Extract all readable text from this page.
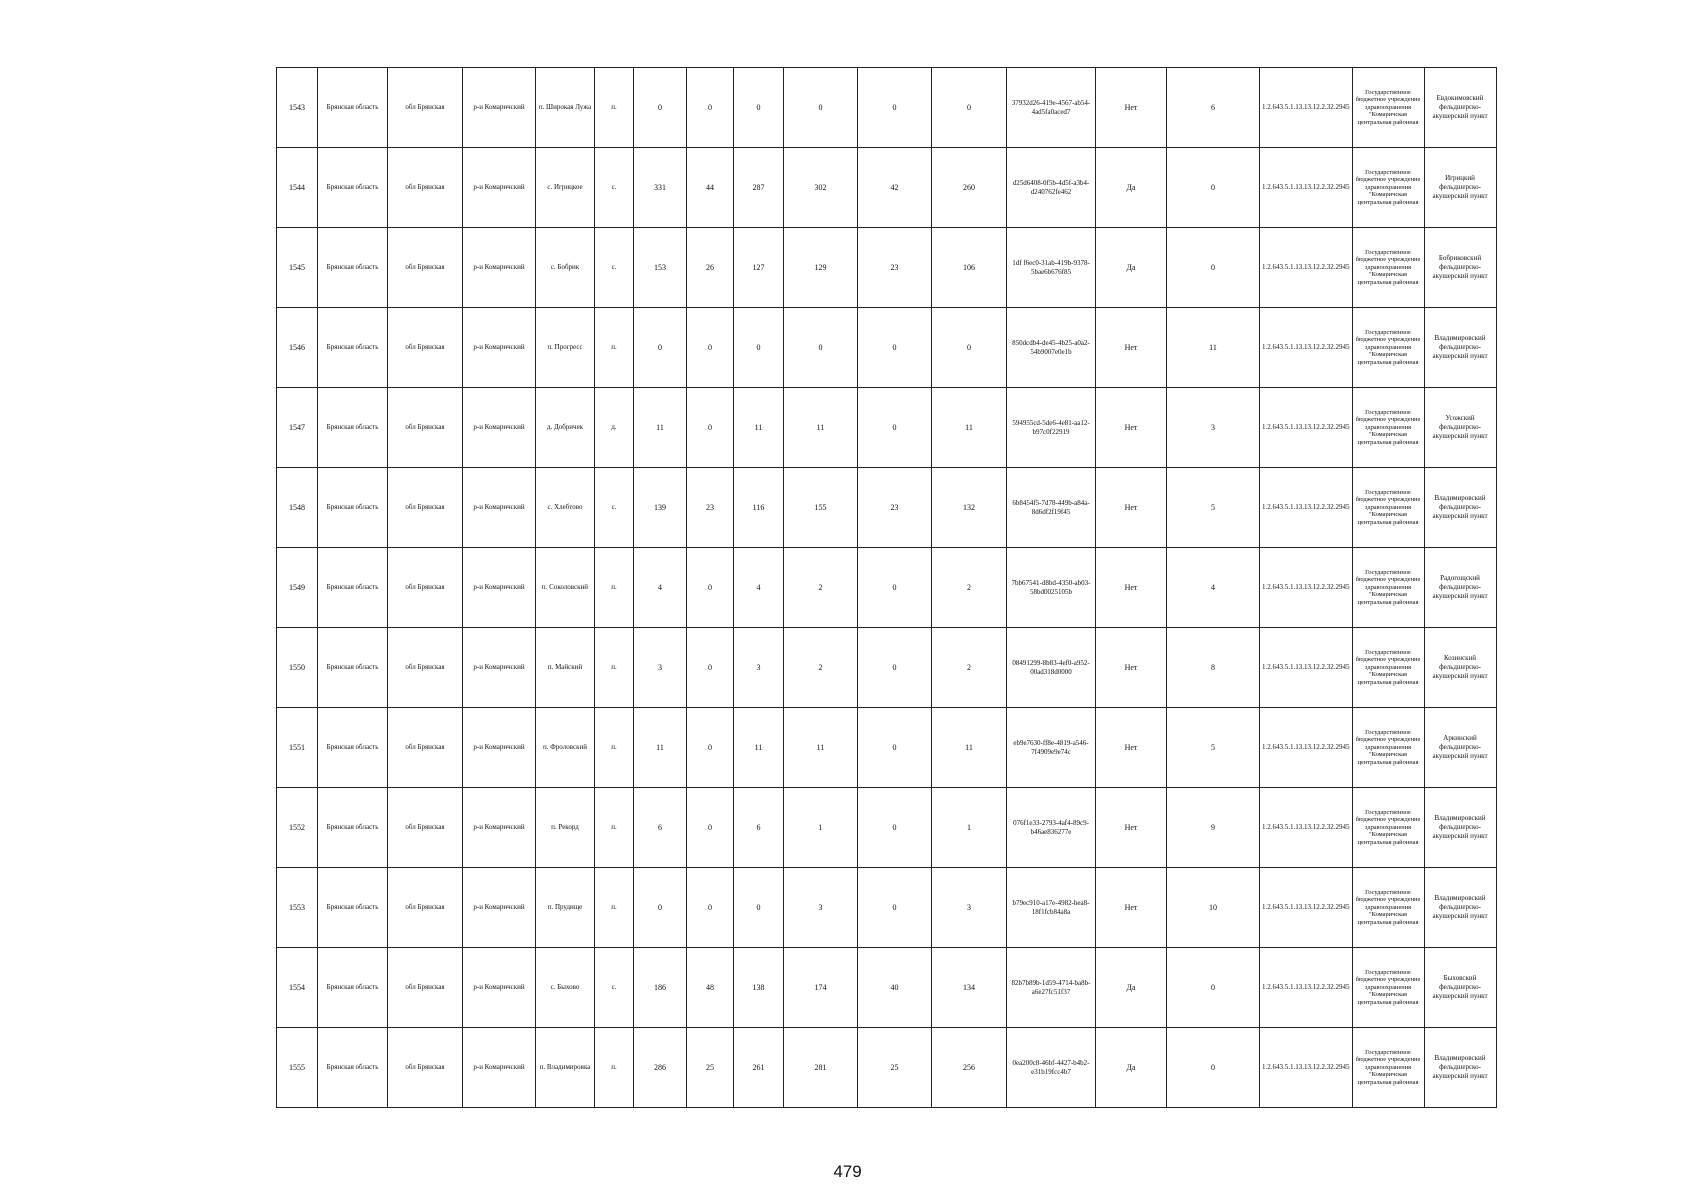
1543	Брянская область	обл Брянская	р-н Комаричский	п. Широкая Лужа	п.	0	0	0	0	0	0	37932d26-419e-4567-ab54-4ad5fa0aced7	Нет	6	1.2.643.5.1.13.13.12.2.32.2945	Государственное бюджетное учреждение здравоохранения "Комаричская центральная районная	Евдокимовский фельдшерско-акушерский пункт
1544	Брянская область	обл Брянская	р-н Комаричский	с. Игрицкое	с.	331	44	287	302	42	260	d25d6408-0f5b-4d5f-a3b4-d240762fe462	Да	0	1.2.643.5.1.13.13.12.2.32.2945	Государственное бюджетное учреждение здравоохранения "Комаричская центральная районная	Игрицкий фельдшерско-акушерский пункт
1545	Брянская область	обл Брянская	р-н Комаричский	с. Бобрик	с.	153	26	127	129	23	106	1df f6ec0-31ab-419b-9378-5bae6b676f85	Да	0	1.2.643.5.1.13.13.12.2.32.2945	Государственное бюджетное учреждение здравоохранения "Комаричская центральная районная	Бобриковский фельдшерско-акушерский пункт
1546	Брянская область	обл Брянская	р-н Комаричский	п. Прогресс	п.	0	0	0	0	0	0	850dcdb4-de45-4b25-a0a2-54b9007e0e1b	Нет	11	1.2.643.5.1.13.13.12.2.32.2945	Государственное бюджетное учреждение здравоохранения "Комаричская центральная районная	Владимировский фельдшерско-акушерский пункт
1547	Брянская область	обл Брянская	р-н Комаричский	д. Добричек	д.	11	0	11	11	0	11	594955cd-5de6-4e81-aa12-b97c0f22919	Нет	3	1.2.643.5.1.13.13.12.2.32.2945	Государственное бюджетное учреждение здравоохранения "Комаричская центральная районная	Усожский фельдшерско-акушерский пункт
1548	Брянская область	обл Брянская	р-н Комаричский	с. Хлебтово	с.	139	23	116	155	23	132	6b8454f5-7d78-449b-a84a-8d6df2f19f45	Нет	5	1.2.643.5.1.13.13.12.2.32.2945	Государственное бюджетное учреждение здравоохранения "Комаричская центральная районная	Владимировский фельдшерско-акушерский пункт
1549	Брянская область	обл Брянская	р-н Комаричский	п. Соколовский	п.	4	0	4	2	0	2	7bb67541-d8bd-4350-ab03-58bd0025105b	Нет	4	1.2.643.5.1.13.13.12.2.32.2945	Государственное бюджетное учреждение здравоохранения "Комаричская центральная районная	Радогощский фельдшерско-акушерский пункт
1550	Брянская область	обл Брянская	р-н Комаричский	п. Майский	п.	3	0	3	2	0	2	08491299-8b83-4ef0-a952-00ad318d0000	Нет	8	1.2.643.5.1.13.13.12.2.32.2945	Государственное бюджетное учреждение здравоохранения "Комаричская центральная районная	Козинский фельдшерско-акушерский пункт
1551	Брянская область	обл Брянская	р-н Комаричский	п. Фроловский	п.	11	0	11	11	0	11	eb9e7630-ff8e-4819-a546-7f4909e9e74c	Нет	5	1.2.643.5.1.13.13.12.2.32.2945	Государственное бюджетное учреждение здравоохранения "Комаричская центральная районная	Аркинский фельдшерско-акушерский пункт
1552	Брянская область	обл Брянская	р-н Комаричский	п. Рекорд	п.	6	0	6	1	0	1	076f1e33-2793-4af4-89c9-b46ae836277e	Нет	9	1.2.643.5.1.13.13.12.2.32.2945	Государственное бюджетное учреждение здравоохранения "Комаричская центральная районная	Владимировский фельдшерско-акушерский пункт
1553	Брянская область	обл Брянская	р-н Комаричский	п. Прудище	п.	0	0	0	3	0	3	b79ec910-a17e-4982-bea8-18f1fcb84a8a	Нет	10	1.2.643.5.1.13.13.12.2.32.2945	Государственное бюджетное учреждение здравоохранения "Комаричская центральная районная	Владимировский фельдшерско-акушерский пункт
1554	Брянская область	обл Брянская	р-н Комаричский	с. Быхово	с.	186	48	138	174	40	134	82b7b89b-1d59-4714-ba8b-a6e27fc51f37	Да	0	1.2.643.5.1.13.13.12.2.32.2945	Государственное бюджетное учреждение здравоохранения "Комаричская центральная районная	Быховский фельдшерско-акушерский пункт
1555	Брянская область	обл Брянская	р-н Комаричский	п. Владимировка	п.	286	25	261	281	25	256	0ea200c8-46bf-4427-b4b2-e31b19fcc4b7	Да	0	1.2.643.5.1.13.13.12.2.32.2945	Государственное бюджетное учреждение здравоохранения "Комаричская центральная районная	Владимировский фельдшерско-акушерский пункт
479
